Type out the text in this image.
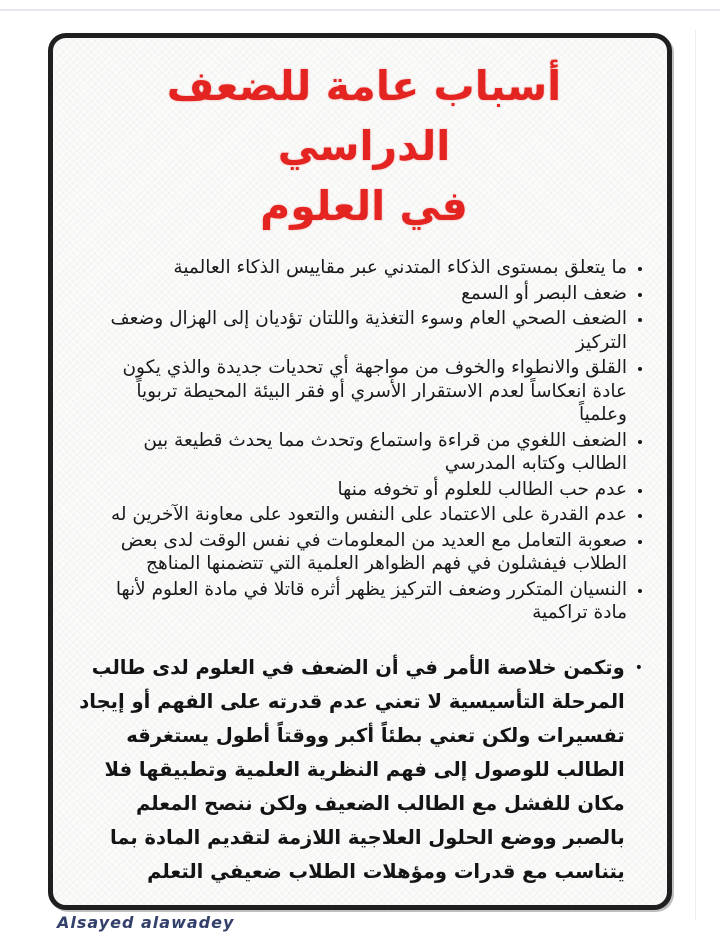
أسباب عامة للضعف الدراسي
في العلوم
• ما يتعلق بمستوى الذكاء المتدني عبر مقاييس الذكاء العالمية
• ضعف البصر أو السمع
• الضعف الصحي العام وسوء التغذية واللتان تؤديان إلى الهزال وضعف التركيز
• القلق والانطواء والخوف من مواجهة أي تحديات جديدة والذي يكون عادة انعكاساً لعدم الاستقرار الأسري أو فقر البيئة المحيطة تربوياً وعلمياً
• الضعف اللغوي من قراءة واستماع وتحدث مما يحدث قطيعة بين الطالب وكتابه المدرسي
• عدم حب الطالب للعلوم أو تخوفه منها
• عدم القدرة على الاعتماد على النفس والتعود على معاونة الآخرين له
• صعوبة التعامل مع العديد من المعلومات في نفس الوقت لدى بعض الطلاب فيفشلون في فهم الظواهر العلمية التي تتضمنها المناهج
• النسيان المتكرر وضعف التركيز يظهر أثره قاتلا في مادة العلوم لأنها مادة تراكمية
•
وتكمن خلاصة الأمر في أن الضعف في العلوم لدى طالب المرحلة التأسيسية لا تعني عدم قدرته على الفهم أو إيجاد تفسيرات ولكن تعني بطئاً أكبر ووقتاً أطول يستغرقه الطالب للوصول إلى فهم النظرية العلمية وتطبيقها فلا مكان للفشل مع الطالب الضعيف ولكن ننصح المعلم بالصبر ووضع الحلول العلاجية اللازمة لتقديم المادة بما يتناسب مع قدرات ومؤهلات الطلاب ضعيفي التعلم
Alsayed alawadey
